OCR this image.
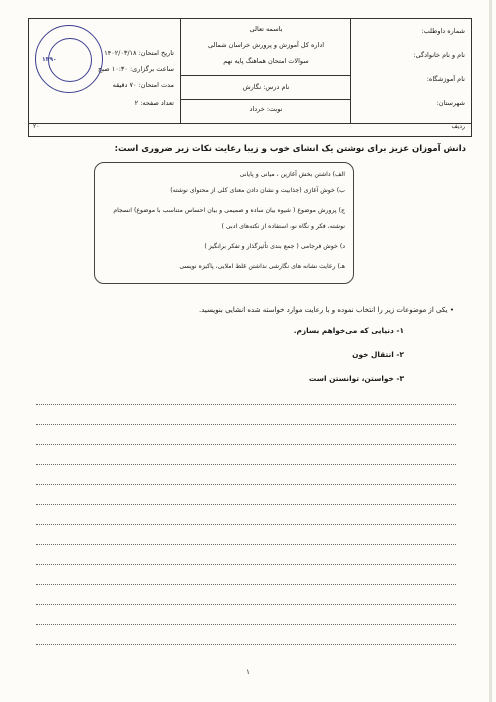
شماره داوطلب:
نام و نام خانوادگی:
نام آموزشگاه:
شهرستان:
باسمه تعالی
اداره کل آموزش و پرورش خراسان شمالی
سوالات امتحان هماهنگ پایه نهم
نام درس: نگارش
نوبت: خرداد
تاریخ امتحان: ۱۴۰۲/۰۳/۱۸
ساعت برگزاری: ۱۰:۳۰ صبح
مدت امتحان: ۷۰ دقیقه
تعداد صفحه: ۲
۱۳۹۰
۲۰	ردیف
دانش آموزان عزیز برای نوشتن یک انشای خوب و زیبا رعایت نکات زیر ضروری است:
الف) داشتن بخش آغازین ، میانی و پایانی
ب) خوش آغازی (جذابیت و نشان دادن معنای کلی از محتوای نوشته)
ج) پرورش موضوع ( شیوه بیان ساده و صمیمی و بیان احساس متناسب با موضوع) انسجام
نوشته، فکر و نگاه نو، استفاده از نکته‌های ادبی )
د) خوش فرجامی ( جمع بندی تأثیرگذار و تفکر برانگیز )
هـ) رعایت نشانه های نگارشی نداشتن غلط املایی، پاکیزه نویسی
• یکی از موضوعات زیر را انتخاب نموده و با رعایت موارد خواسته شده انشایی بنویسید.
۱- دنیایی که می‌خواهم بسازم.
۲- انتقال خون
۳- خواستن، توانستن است
۱
